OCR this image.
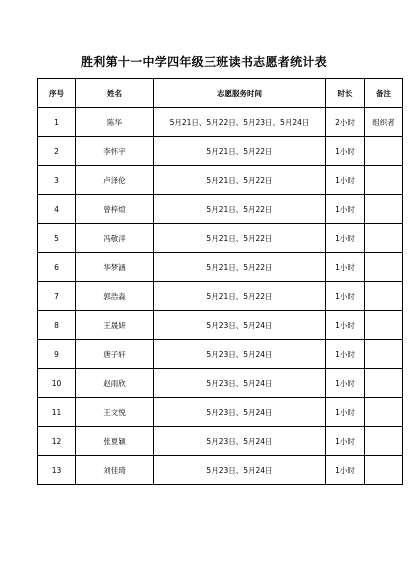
胜利第十一中学四年级三班读书志愿者统计表
序号	姓名	志愿服务时间	时长	备注
1	陈华	5月21日、5月22日、5月23日、5月24日	2小时	组织者
2	李怀宇	5月21日、5月22日	1小时	
3	卢泽伦	5月21日、5月22日	1小时	
4	曾梓煊	5月21日、5月22日	1小时	
5	冯敬洋	5月21日、5月22日	1小时	
6	华梦涵	5月21日、5月22日	1小时	
7	郭浩淼	5月21日、5月22日	1小时	
8	王晟妍	5月23日、5月24日	1小时	
9	唐子轩	5月23日、5月24日	1小时	
10	赵雨欣	5月23日、5月24日	1小时	
11	王文悦	5月23日、5月24日	1小时	
12	张夏颖	5月23日、5月24日	1小时	
13	刘佳琦	5月23日、5月24日	1小时	
